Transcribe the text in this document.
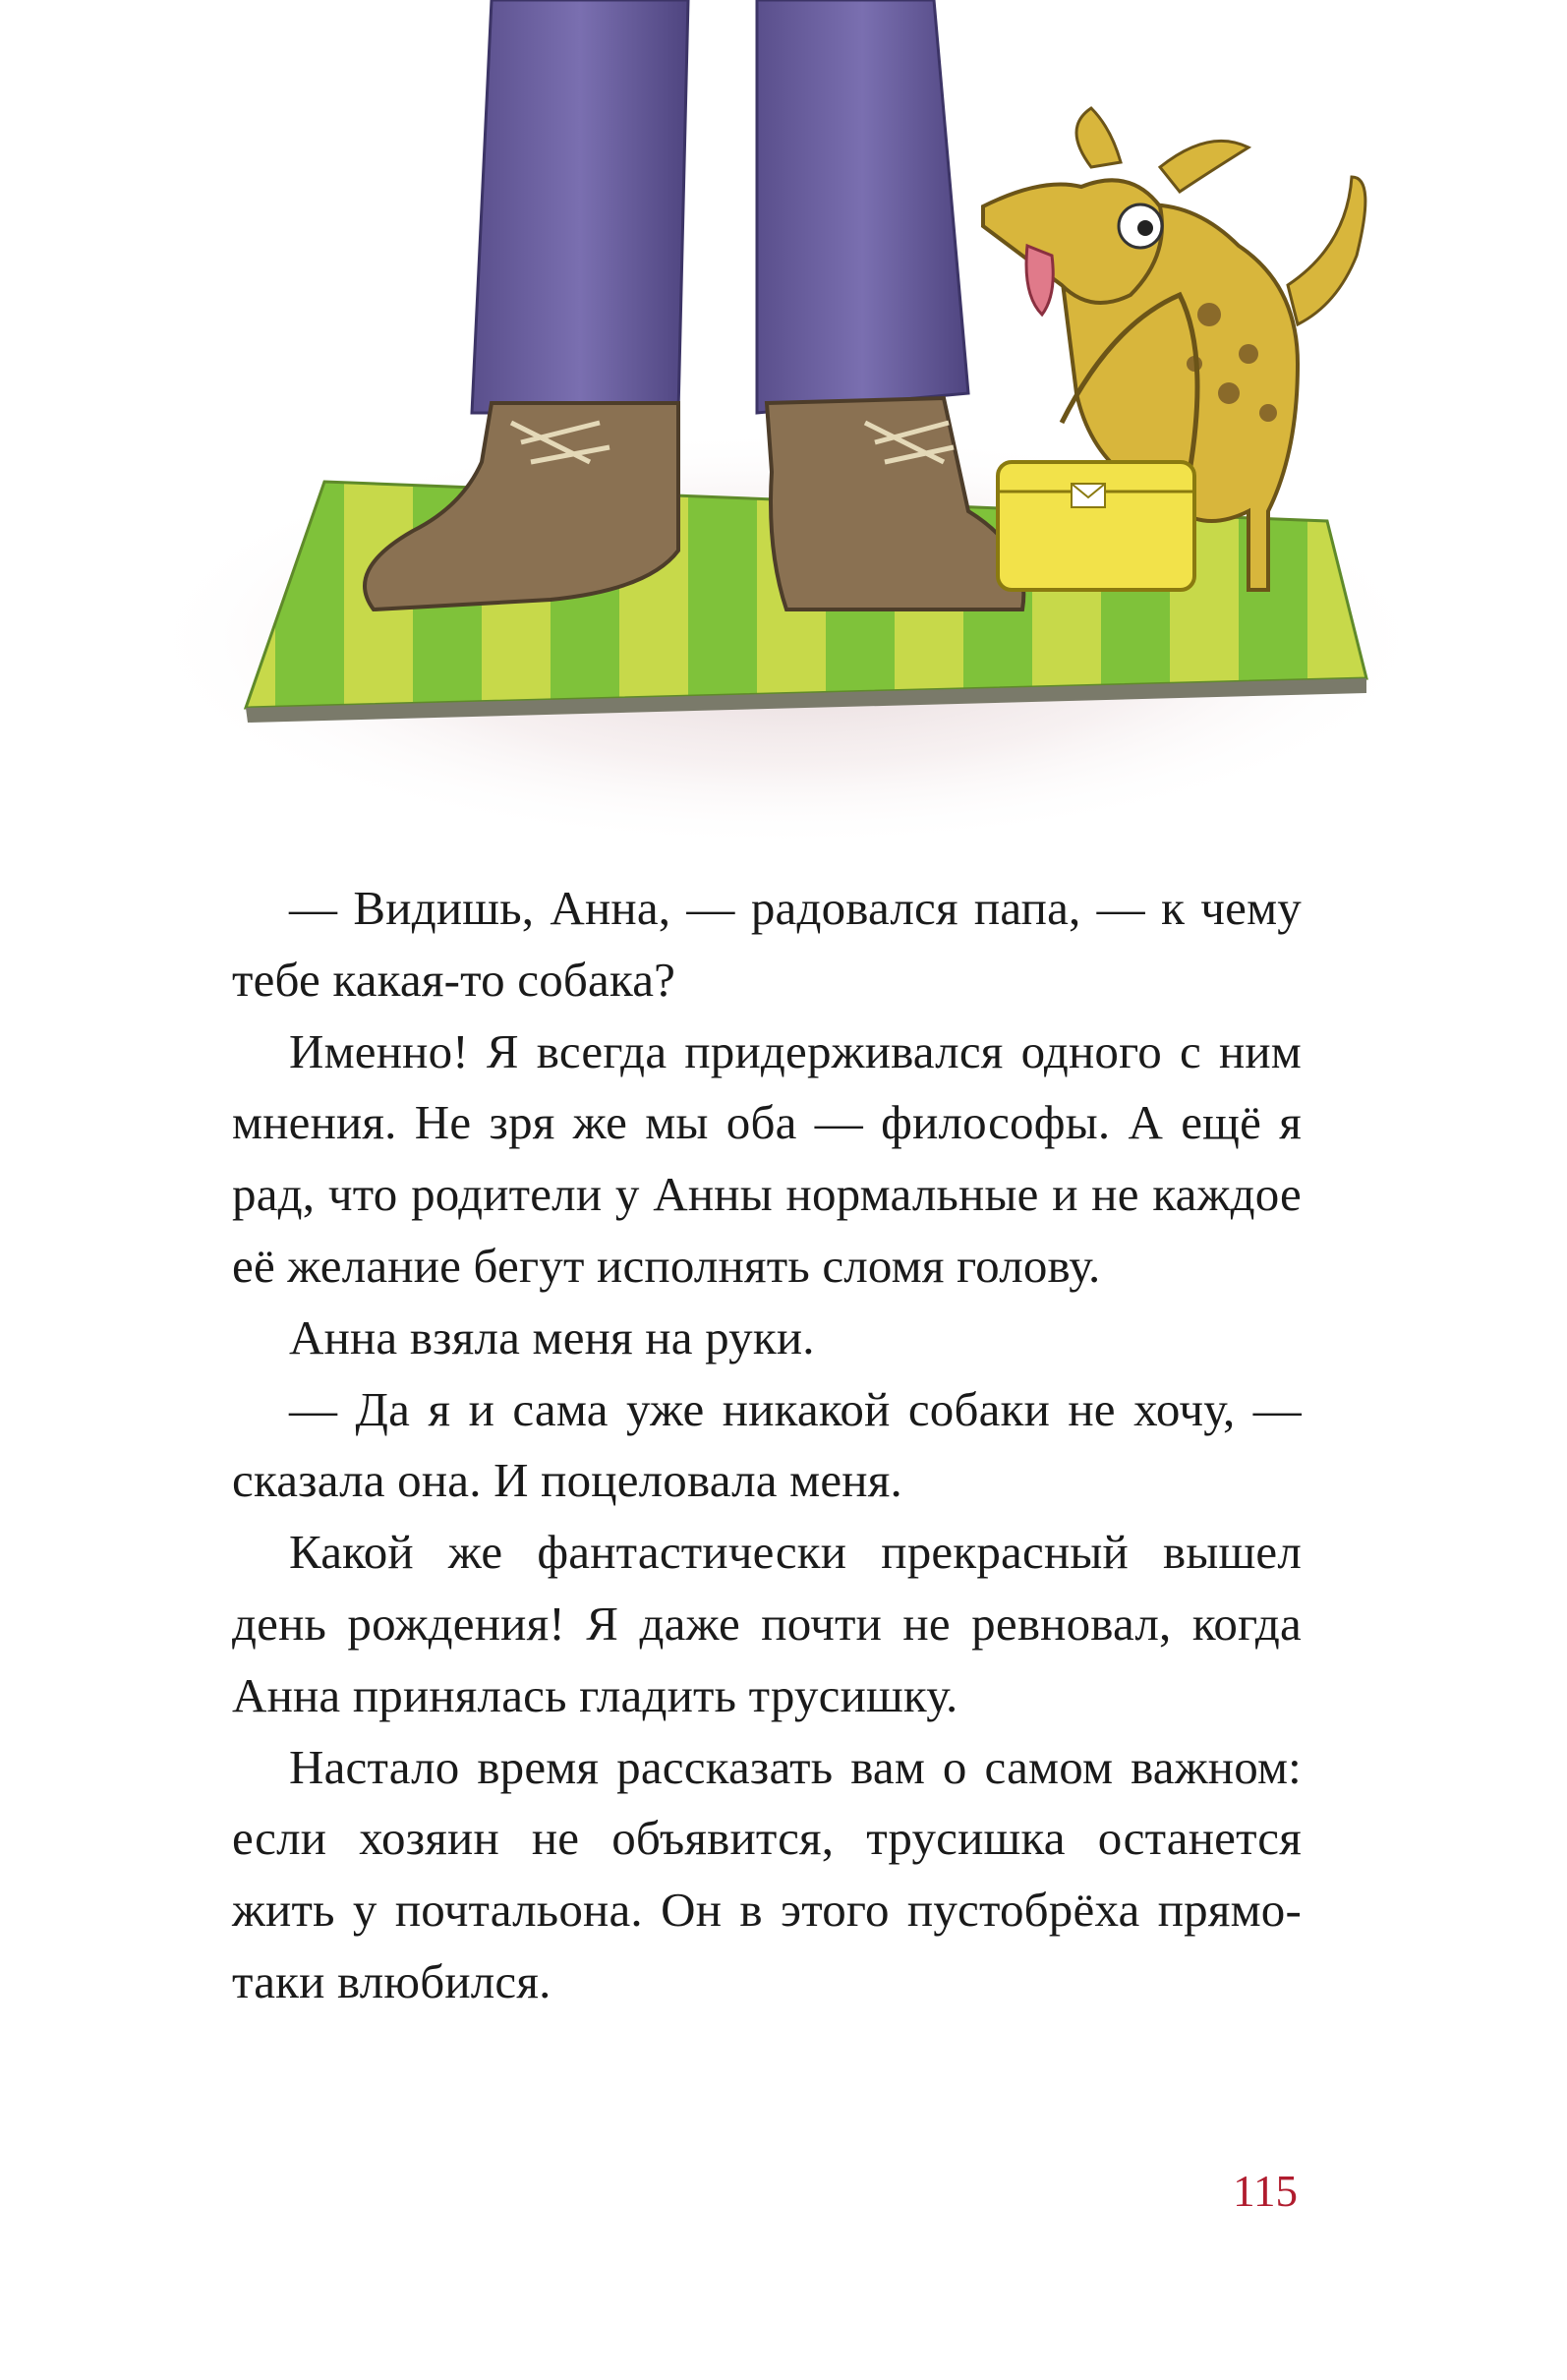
— Видишь, Анна, — радовался папа, — к чему тебе какая-то собака?

Именно! Я всегда придерживался одного с ним мнения. Не зря же мы оба — философы. А ещё я рад, что родители у Анны нормальные и не каждое её желание бегут исполнять сломя голову.

Анна взяла меня на руки.

— Да я и сама уже никакой собаки не хочу, — сказала она. И поцеловала меня.

Какой же фантастически прекрасный вышел день рождения! Я даже почти не ревновал, когда Анна принялась гладить трусишку.

Настало время рассказать вам о самом важном: если хозяин не объявится, трусишка останется жить у почтальона. Он в этого пустобрёха прямо-таки влюбился.

115
